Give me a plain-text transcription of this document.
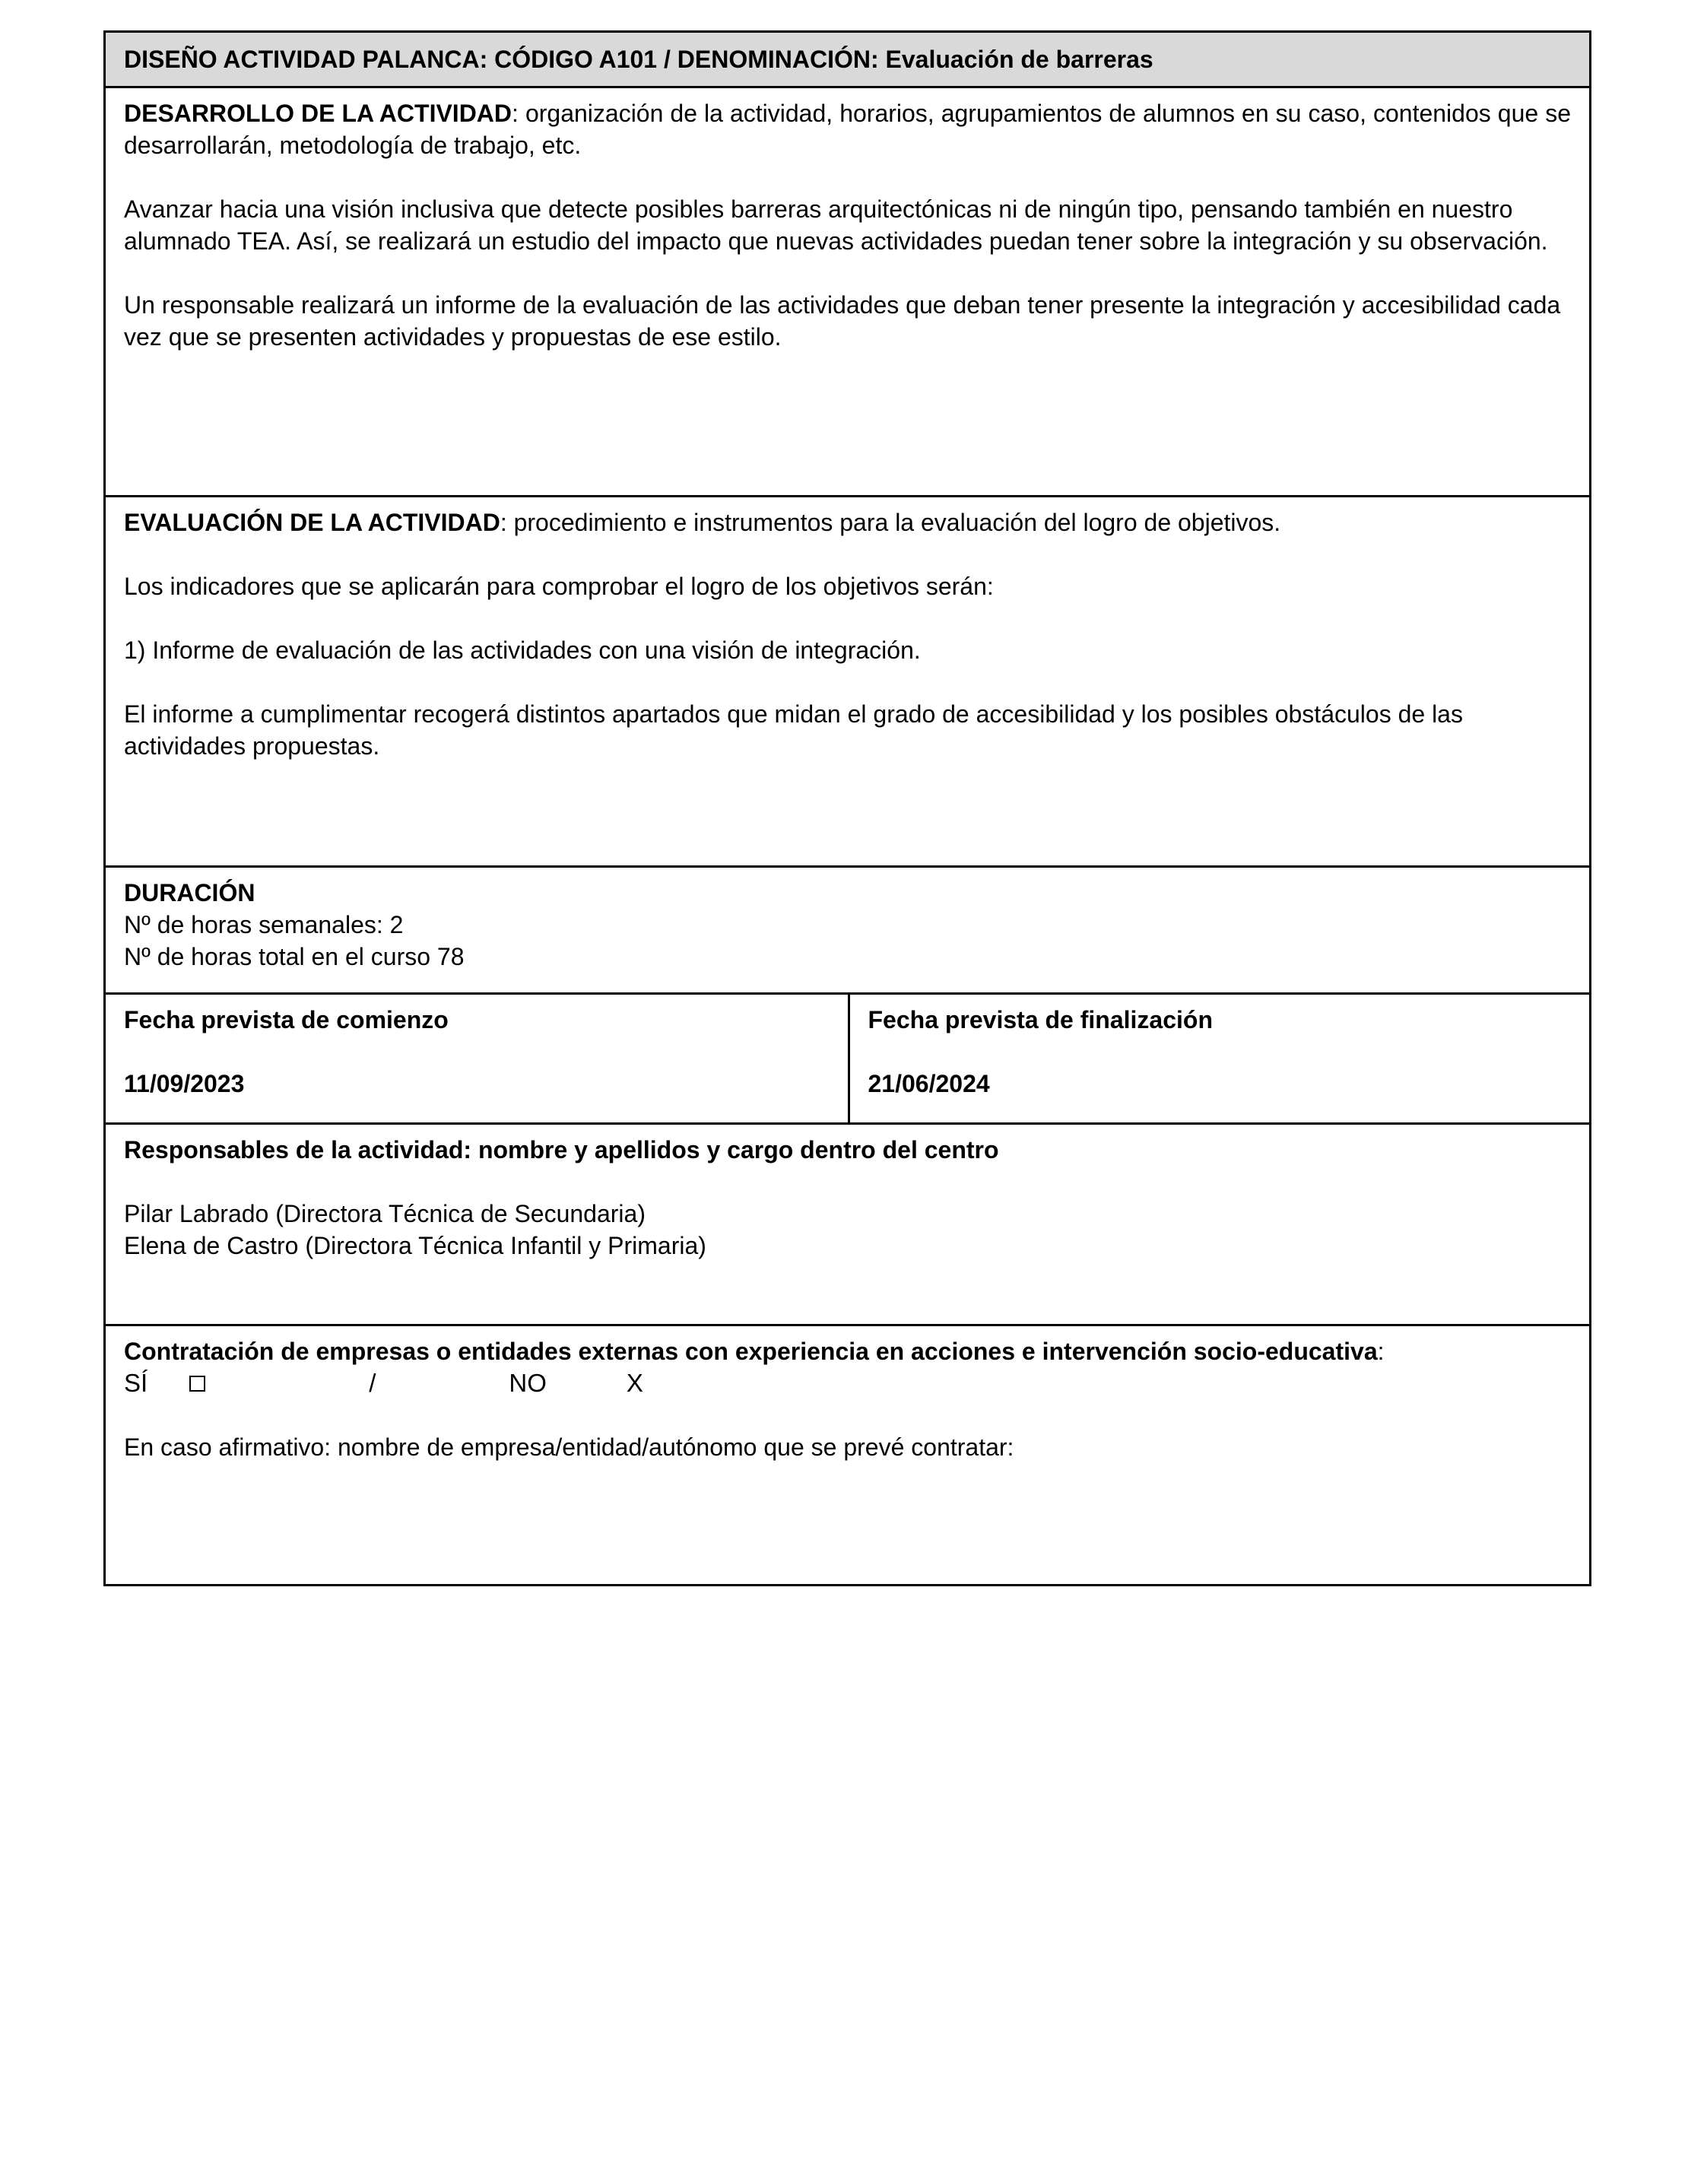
DISEÑO ACTIVIDAD PALANCA: CÓDIGO A101 / DENOMINACIÓN: Evaluación de barreras

DESARROLLO DE LA ACTIVIDAD: organización de la actividad, horarios, agrupamientos de alumnos en su caso, contenidos que se desarrollarán, metodología de trabajo, etc.

Avanzar hacia una visión inclusiva que detecte posibles barreras arquitectónicas ni de ningún tipo, pensando también en nuestro alumnado TEA. Así, se realizará un estudio del impacto que nuevas actividades puedan tener sobre la integración y su observación.

Un responsable realizará un informe de la evaluación de las actividades que deban tener presente la integración y accesibilidad cada vez que se presenten actividades y propuestas de ese estilo.

EVALUACIÓN DE LA ACTIVIDAD: procedimiento e instrumentos para la evaluación del logro de objetivos.

Los indicadores que se aplicarán para comprobar el logro de los objetivos serán:

1) Informe de evaluación de las actividades con una visión de integración.

El informe a cumplimentar recogerá distintos apartados que midan el grado de accesibilidad y los posibles obstáculos de las actividades propuestas.

DURACIÓN

Nº de horas semanales: 2

Nº de horas total en el curso 78

Fecha prevista de comienzo

11/09/2023

Fecha prevista de finalización

21/06/2024

Responsables de la actividad: nombre y apellidos y cargo dentro del centro

Pilar Labrado (Directora Técnica de Secundaria)

Elena de Castro (Directora Técnica Infantil y Primaria)

Contratación de empresas o entidades externas con experiencia en acciones e intervención socio-educativa:

SÍ	/	NO	X

En caso afirmativo: nombre de empresa/entidad/autónomo que se prevé contratar:
